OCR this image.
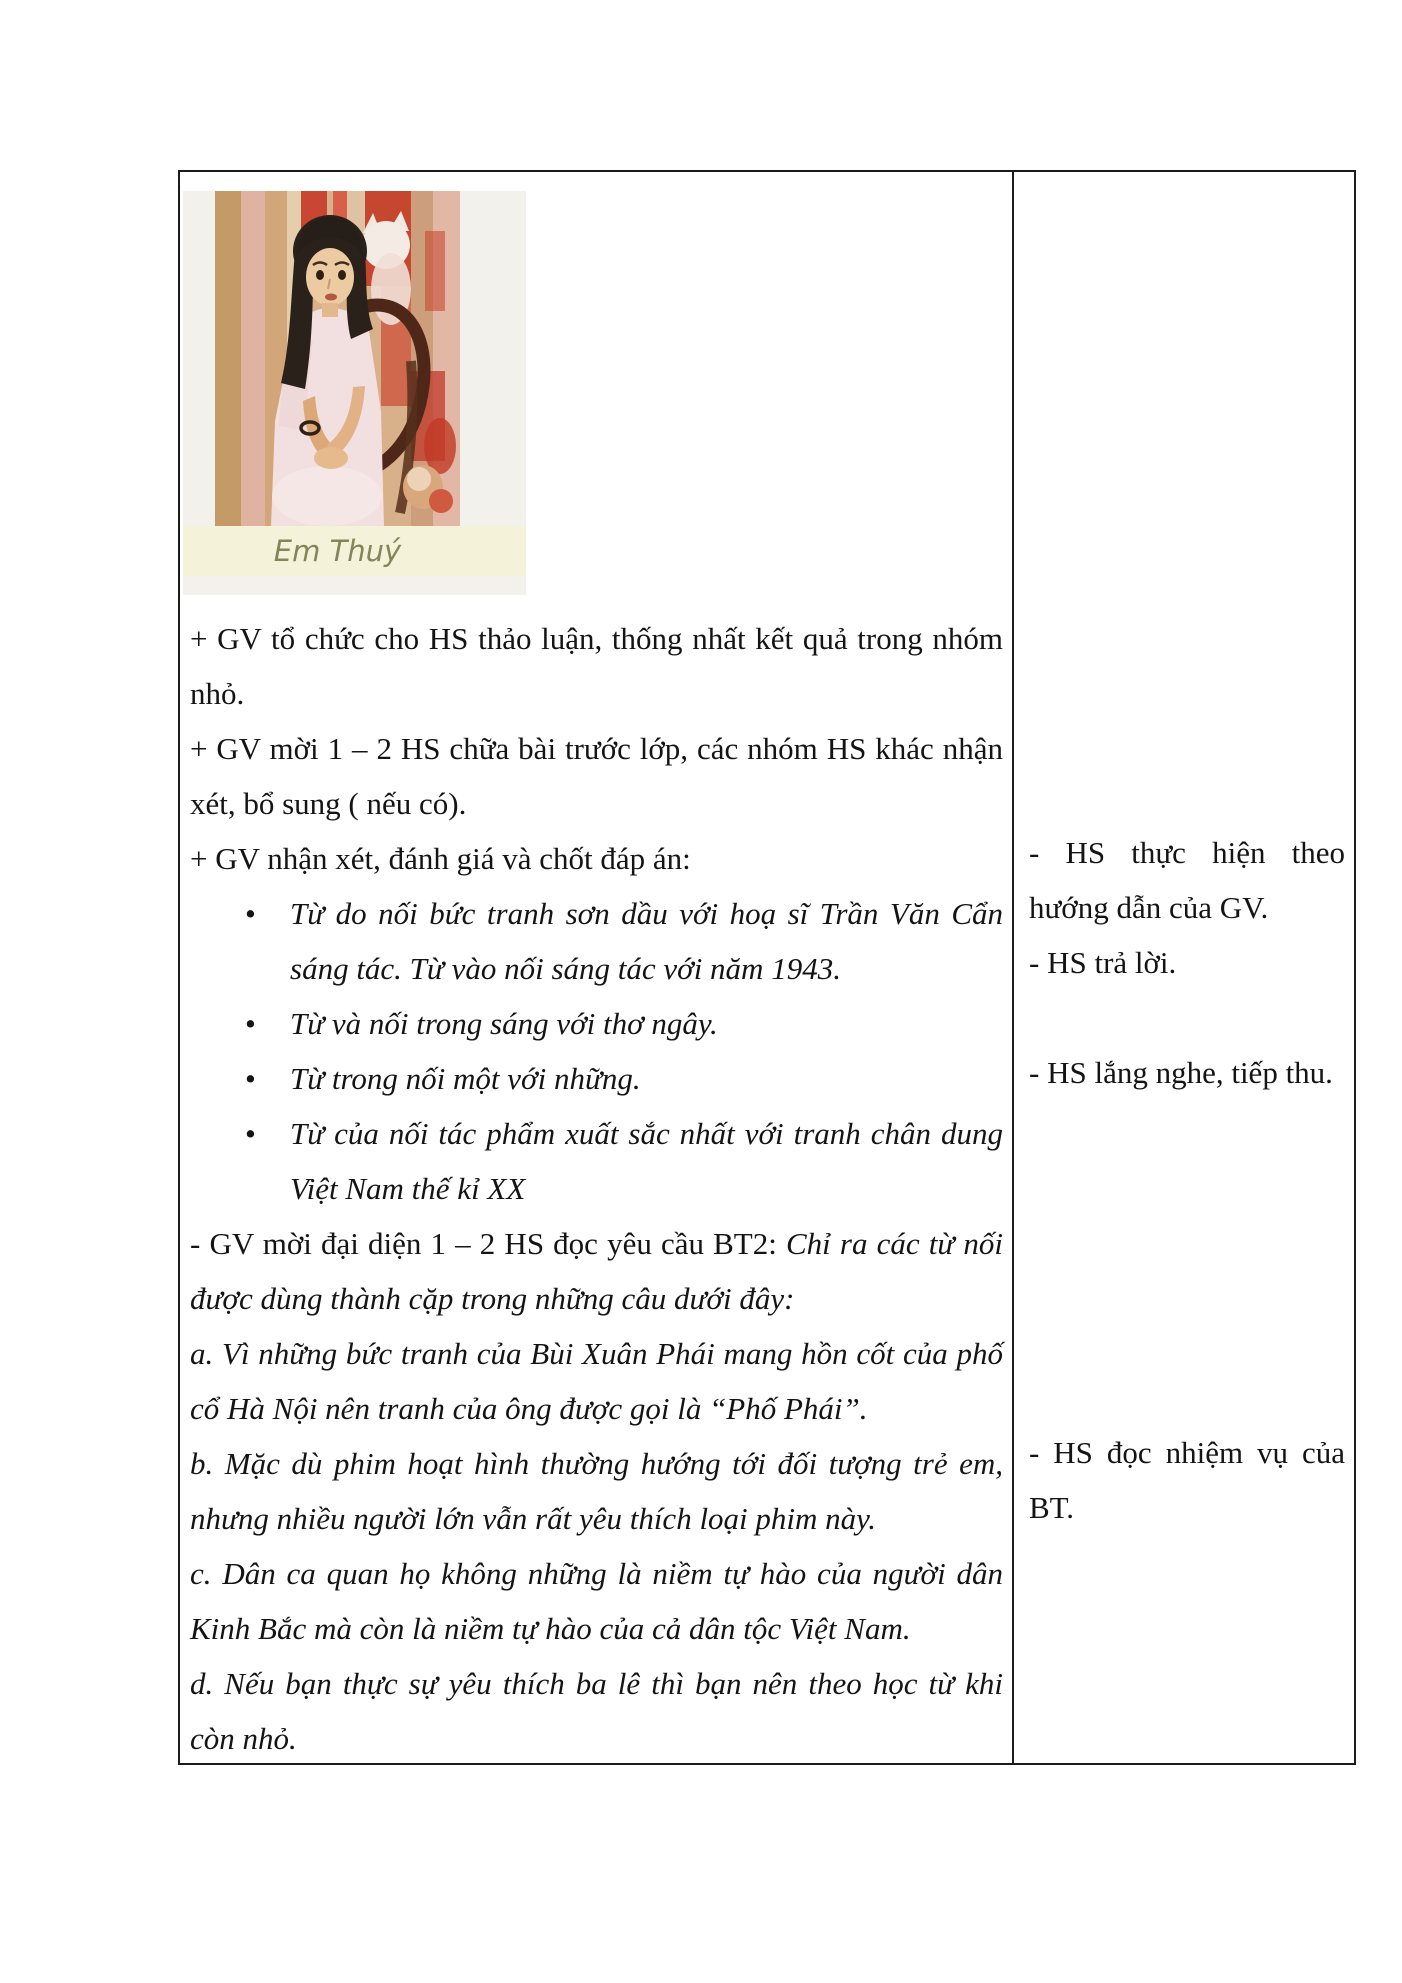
Em Thuý

+ GV tổ chức cho HS thảo luận, thống nhất kết quả trong nhóm nhỏ.

+ GV mời 1 – 2 HS chữa bài trước lớp, các nhóm HS khác nhận xét, bổ sung ( nếu có).

+ GV nhận xét, đánh giá và chốt đáp án:

• Từ do nối bức tranh sơn dầu với hoạ sĩ Trần Văn Cẩn sáng tác. Từ vào nối sáng tác với năm 1943.

• Từ và nối trong sáng với thơ ngây.

• Từ trong nối một với những.

• Từ của nối tác phẩm xuất sắc nhất với tranh chân dung Việt Nam thế kỉ XX

- GV mời đại diện 1 – 2 HS đọc yêu cầu BT2: Chỉ ra các từ nối được dùng thành cặp trong những câu dưới đây:

a. Vì những bức tranh của Bùi Xuân Phái mang hồn cốt của phố cổ Hà Nội nên tranh của ông được gọi là “Phố Phái”.

b. Mặc dù phim hoạt hình thường hướng tới đối tượng trẻ em, nhưng nhiều người lớn vẫn rất yêu thích loại phim này.

c. Dân ca quan họ không những là niềm tự hào của người dân Kinh Bắc mà còn là niềm tự hào của cả dân tộc Việt Nam.

d. Nếu bạn thực sự yêu thích ba lê thì bạn nên theo học từ khi còn nhỏ.

- HS thực hiện theo hướng dẫn của GV.

- HS trả lời.

- HS lắng nghe, tiếp thu.

- HS đọc nhiệm vụ của BT.
